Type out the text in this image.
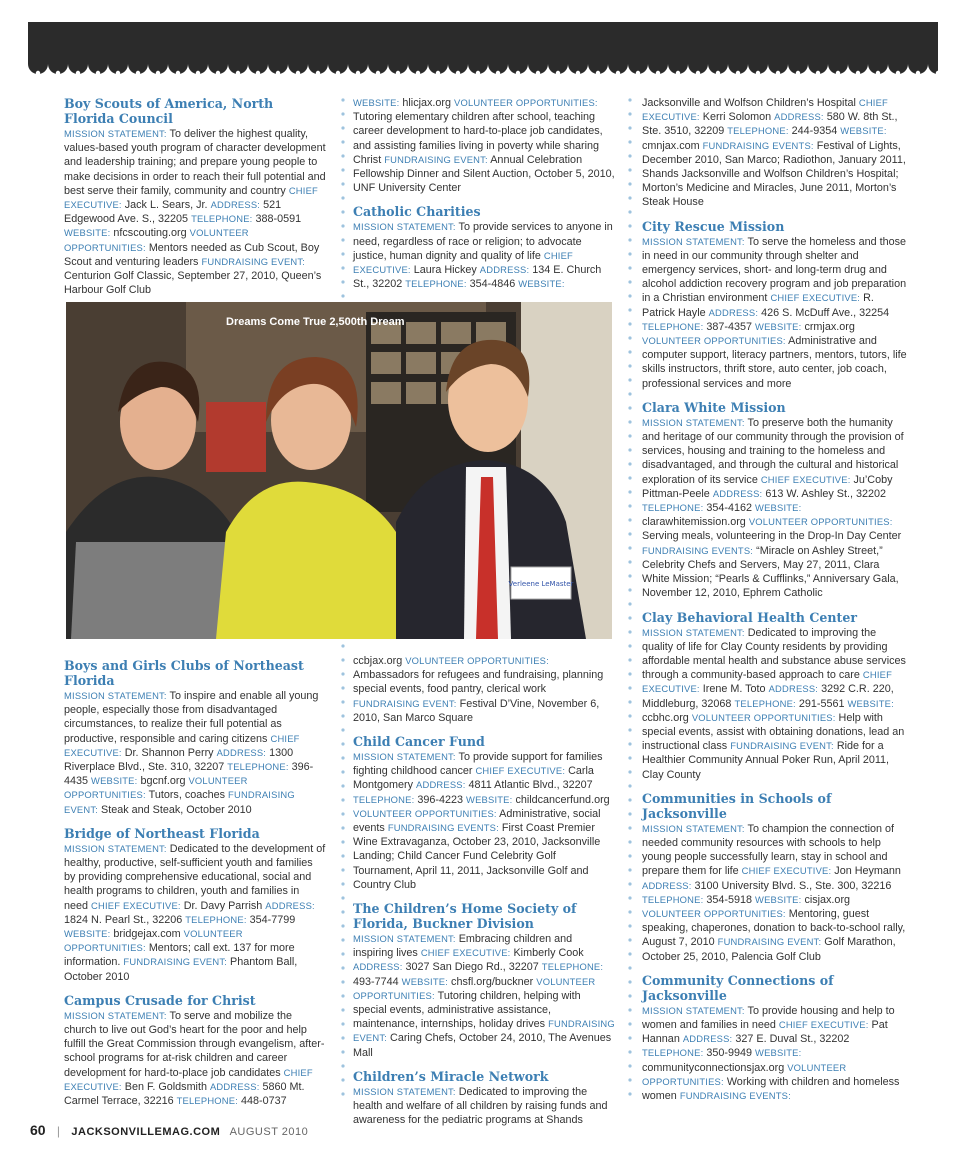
Boy Scouts of America, North Florida Council
MISSION STATEMENT: To deliver the highest quality, values-based youth program of character development and leadership training; and prepare young people to make decisions in order to reach their full potential and best serve their family, community and country CHIEF EXECUTIVE: Jack L. Sears, Jr. ADDRESS: 521 Edgewood Ave. S., 32205 TELEPHONE: 388-0591 WEBSITE: nfcscouting.org VOLUNTEER OPPORTUNITIES: Mentors needed as Cub Scout, Boy Scout and venturing leaders FUNDRAISING EVENT: Centurion Golf Classic, September 27, 2010, Queen’s Harbour Golf Club
Boys and Girls Clubs of Northeast Florida
MISSION STATEMENT: To inspire and enable all young people, especially those from disadvantaged circumstances, to realize their full potential as productive, responsible and caring citizens CHIEF EXECUTIVE: Dr. Shannon Perry ADDRESS: 1300 Riverplace Blvd., Ste. 310, 32207 TELEPHONE: 396-4435 WEBSITE: bgcnf.org VOLUNTEER OPPORTUNITIES: Tutors, coaches FUNDRAISING EVENT: Steak and Steak, October 2010
Bridge of Northeast Florida
MISSION STATEMENT: Dedicated to the development of healthy, productive, self-sufficient youth and families by providing comprehensive educational, social and health programs to children, youth and families in need CHIEF EXECUTIVE: Dr. Davy Parrish ADDRESS: 1824 N. Pearl St., 32206 TELEPHONE: 354-7799 WEBSITE: bridgejax.com VOLUNTEER OPPORTUNITIES: Mentors; call ext. 137 for more information. FUNDRAISING EVENT: Phantom Ball, October 2010
Campus Crusade for Christ
MISSION STATEMENT: To serve and mobilize the church to live out God’s heart for the poor and help fulfill the Great Commission through evangelism, after-school programs for at-risk children and career development for hard-to-place job candidates CHIEF EXECUTIVE: Ben F. Goldsmith ADDRESS: 5860 Mt. Carmel Terrace, 32216 TELEPHONE: 448-0737
WEBSITE: hlicjax.org VOLUNTEER OPPORTUNITIES: Tutoring elementary children after school, teaching career development to hard-to-place job candidates, and assisting families living in poverty while sharing Christ FUNDRAISING EVENT: Annual Celebration Fellowship Dinner and Silent Auction, October 5, 2010, UNF University Center
Catholic Charities
MISSION STATEMENT: To provide services to anyone in need, regardless of race or religion; to advocate justice, human dignity and quality of life CHIEF EXECUTIVE: Laura Hickey ADDRESS: 134 E. Church St., 32202 TELEPHONE: 354-4846 WEBSITE:
ccbjax.org VOLUNTEER OPPORTUNITIES: Ambassadors for refugees and fundraising, planning special events, food pantry, clerical work FUNDRAISING EVENT: Festival D’Vine, November 6, 2010, San Marco Square
Child Cancer Fund
MISSION STATEMENT: To provide support for families fighting childhood cancer CHIEF EXECUTIVE: Carla Montgomery ADDRESS: 4811 Atlantic Blvd., 32207 TELEPHONE: 396-4223 WEBSITE: childcancerfund.org VOLUNTEER OPPORTUNITIES: Administrative, social events FUNDRAISING EVENTS: First Coast Premier Wine Extravaganza, October 23, 2010, Jacksonville Landing; Child Cancer Fund Celebrity Golf Tournament, April 11, 2011, Jacksonville Golf and Country Club
The Children’s Home Society of Florida, Buckner Division
MISSION STATEMENT: Embracing children and inspiring lives CHIEF EXECUTIVE: Kimberly Cook ADDRESS: 3027 San Diego Rd., 32207 TELEPHONE: 493-7744 WEBSITE: chsfl.org/buckner VOLUNTEER OPPORTUNITIES: Tutoring children, helping with special events, administrative assistance, maintenance, internships, holiday drives FUNDRAISING EVENT: Caring Chefs, October 24, 2010, The Avenues Mall
Children’s Miracle Network
MISSION STATEMENT: Dedicated to improving the health and welfare of all children by raising funds and awareness for the pediatric programs at Shands
Jacksonville and Wolfson Children’s Hospital CHIEF EXECUTIVE: Kerri Solomon ADDRESS: 580 W. 8th St., Ste. 3510, 32209 TELEPHONE: 244-9354 WEBSITE: cmnjax.com FUNDRAISING EVENTS: Festival of Lights, December 2010, San Marco; Radiothon, January 2011, Shands Jacksonville and Wolfson Children’s Hospital; Morton’s Medicine and Miracles, June 2011, Morton’s Steak House
City Rescue Mission
MISSION STATEMENT: To serve the homeless and those in need in our community through shelter and emergency services, short- and long-term drug and alcohol addiction recovery program and job preparation in a Christian environment CHIEF EXECUTIVE: R. Patrick Hayle ADDRESS: 426 S. McDuff Ave., 32254 TELEPHONE: 387-4357 WEBSITE: crmjax.org VOLUNTEER OPPORTUNITIES: Administrative and computer support, literacy partners, mentors, tutors, life skills instructors, thrift store, auto center, job coach, professional services and more
Clara White Mission
MISSION STATEMENT: To preserve both the humanity and heritage of our community through the provision of services, housing and training to the homeless and disadvantaged, and through the cultural and historical exploration of its service CHIEF EXECUTIVE: Ju’Coby Pittman-Peele ADDRESS: 613 W. Ashley St., 32202 TELEPHONE: 354-4162 WEBSITE: clarawhitemission.org VOLUNTEER OPPORTUNITIES: Serving meals, volunteering in the Drop-In Day Center FUNDRAISING EVENTS: “Miracle on Ashley Street,” Celebrity Chefs and Servers, May 27, 2011, Clara White Mission; “Pearls & Cufflinks,” Anniversary Gala, November 12, 2010, Ephrem Catholic
Clay Behavioral Health Center
MISSION STATEMENT: Dedicated to improving the quality of life for Clay County residents by providing affordable mental health and substance abuse services through a community-based approach to care CHIEF EXECUTIVE: Irene M. Toto ADDRESS: 3292 C.R. 220, Middleburg, 32068 TELEPHONE: 291-5561 WEBSITE: ccbhc.org VOLUNTEER OPPORTUNITIES: Help with special events, assist with obtaining donations, lead an instructional class FUNDRAISING EVENT: Ride for a Healthier Community Annual Poker Run, April 2011, Clay County
Communities in Schools of Jacksonville
MISSION STATEMENT: To champion the connection of needed community resources with schools to help young people successfully learn, stay in school and prepare them for life CHIEF EXECUTIVE: Jon Heymann ADDRESS: 3100 University Blvd. S., Ste. 300, 32216 TELEPHONE: 354-5918 WEBSITE: cisjax.org VOLUNTEER OPPORTUNITIES: Mentoring, guest speaking, chaperones, donation to back-to-school rally, August 7, 2010 FUNDRAISING EVENT: Golf Marathon, October 25, 2010, Palencia Golf Club
Community Connections of Jacksonville
MISSION STATEMENT: To provide housing and help to women and families in need CHIEF EXECUTIVE: Pat Hannan ADDRESS: 327 E. Duval St., 32202 TELEPHONE: 350-9949 WEBSITE: communityconnectionsjax.org VOLUNTEER OPPORTUNITIES: Working with children and homeless women FUNDRAISING EVENTS:
Verleene LeMaster
Dreams Come True 2,500th Dream
60 | JACKSONVILLEMAG.COM AUGUST 2010
